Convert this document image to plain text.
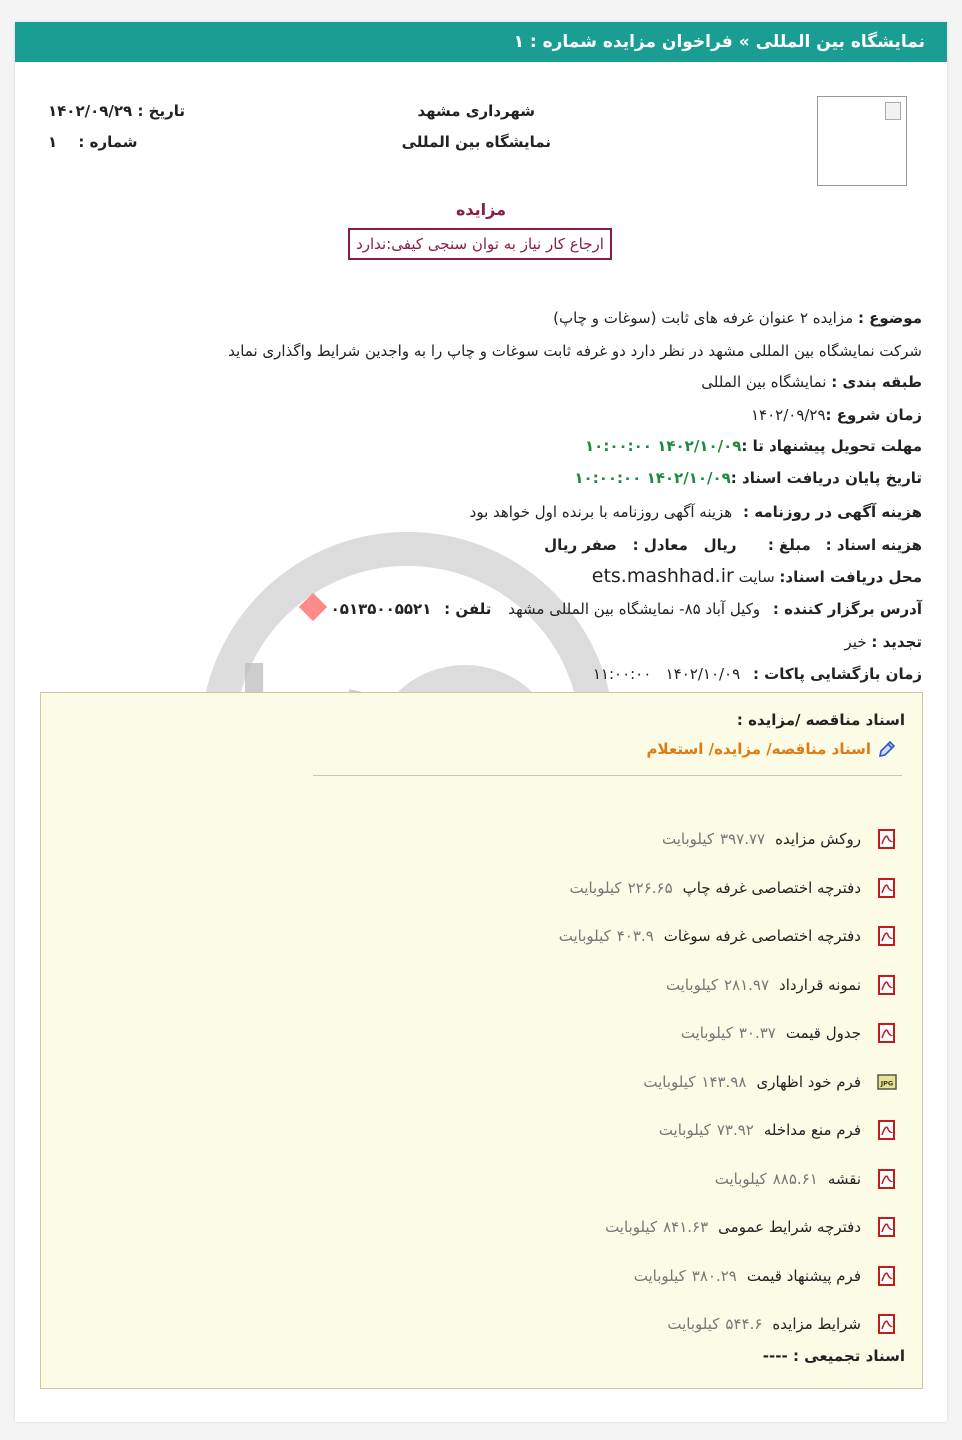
نمایشگاه بین المللی
»
فراخوان مزایده شماره : ۱
شهرداری مشهد
نمایشگاه بین المللی
تاریخ : ۱۴۰۲/۰۹/۲۹
شماره : ۱
مزایده
ارجاع کار نیاز به توان سنجی کیفی:ندارد
موضوع : مزایده ۲ عنوان غرفه های ثابت (سوغات و چاپ)
شرکت نمایشگاه بین المللی مشهد در نظر دارد دو غرفه ثابت سوغات و چاپ را به واجدین شرایط واگذاری نماید
طبقه بندی : نمایشگاه بین المللی
زمان شروع :۱۴۰۲/۰۹/۲۹
مهلت تحویل پیشنهاد تا :۱۴۰۲/۱۰/۰۹ ۱۰:۰۰:۰۰
تاریخ پایان دریافت اسناد :۱۴۰۲/۱۰/۰۹ ۱۰:۰۰:۰۰
هزینه آگهی در روزنامه : هزینه آگهی روزنامه با برنده اول خواهد بود
هزینه اسناد : مبلغ :      ریال   معادل :   صفر ریال
محل دریافت اسناد: سایت ets.mashhad.ir
آدرس برگزار کننده : وکیل آباد ۸۵- نمایشگاه بین المللی مشهد تلفن : ۰۵۱۳۵۰۰۵۵۲۱
تجدید : خیر
زمان بازگشایی پاکات : ۱۴۰۲/۱۰/۰۹   ۱۱:۰۰:۰۰
اسناد مناقصه /مزایده :
اسناد مناقصه/ مزایده/ استعلام
روکش مزایده
۳۹۷.۷۷
کیلوبایت
دفترچه اختصاصی غرفه چاپ
۲۲۶.۶۵
کیلوبایت
دفترچه اختصاصی غرفه سوغات
۴۰۳.۹
کیلوبایت
نمونه قرارداد
۲۸۱.۹۷
کیلوبایت
جدول قیمت
۳۰.۳۷
کیلوبایت
JPG
فرم خود اظهاری
۱۴۳.۹۸
کیلوبایت
فرم منع مداخله
۷۳.۹۲
کیلوبایت
نقشه
۸۸۵.۶۱
کیلوبایت
دفترچه شرایط عمومی
۸۴۱.۶۳
کیلوبایت
فرم پیشنهاد قیمت
۳۸۰.۲۹
کیلوبایت
شرایط مزایده
۵۴۴.۶
کیلوبایت
اسناد تجمیعی : ----
